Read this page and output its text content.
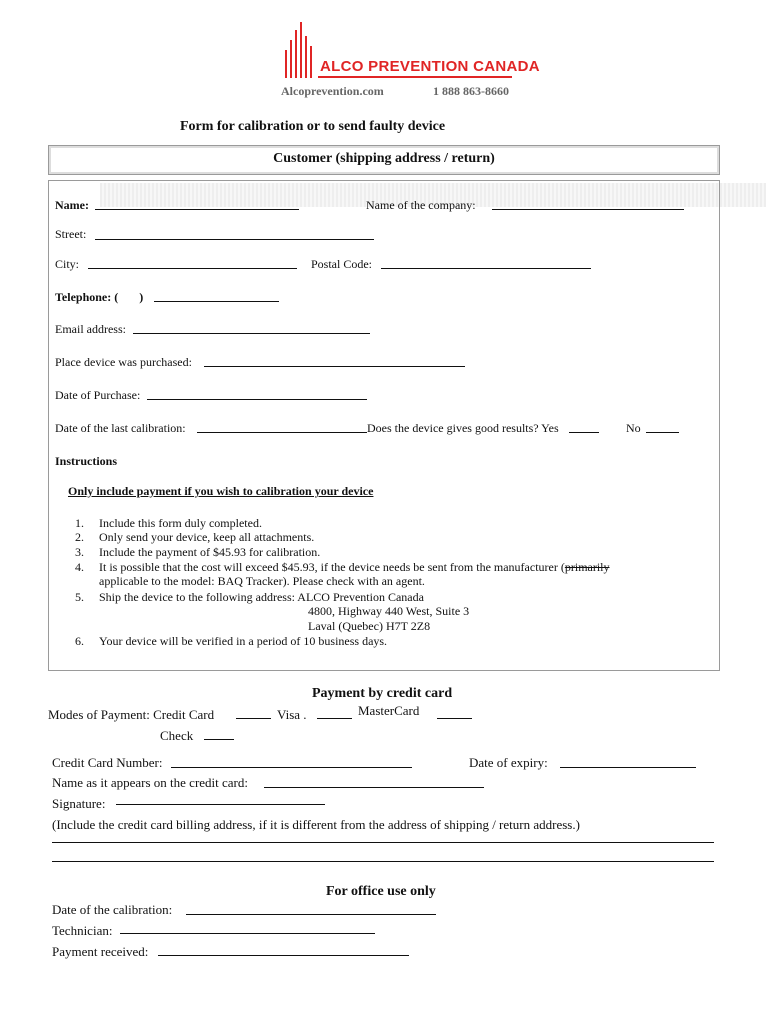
ALCO PREVENTION CANADA
Alcoprevention.com	1 888 863-8660
Form for calibration or to send faulty device
Customer (shipping address / return)
Name:	Name of the company:
Street:
City:	Postal Code:
Telephone: (       )
Email address:
Place device was purchased:
Date of Purchase:
Date of the last calibration:	Does the device gives good results? Yes	No
Instructions
Only include payment if you wish to calibration your device
1. Include this form duly completed.
2. Only send your device, keep all attachments.
3. Include the payment of $45.93 for calibration.
4. It is possible that the cost will exceed $45.93, if the device needs be sent from the manufacturer (primarily
applicable to the model: BAQ Tracker). Please check with an agent.
5. Ship the device to the following address: ALCO Prevention Canada
4800, Highway 440 West, Suite 3
Laval (Quebec) H7T 2Z8
6. Your device will be verified in a period of 10 business days.
Payment by credit card
Modes of Payment: Credit Card	Visa .	MasterCard
Check
Credit Card Number:	Date of expiry:
Name as it appears on the credit card:
Signature:
(Include the credit card billing address, if it is different from the address of shipping / return address.)
For office use only
Date of the calibration:
Technician:
Payment received:
